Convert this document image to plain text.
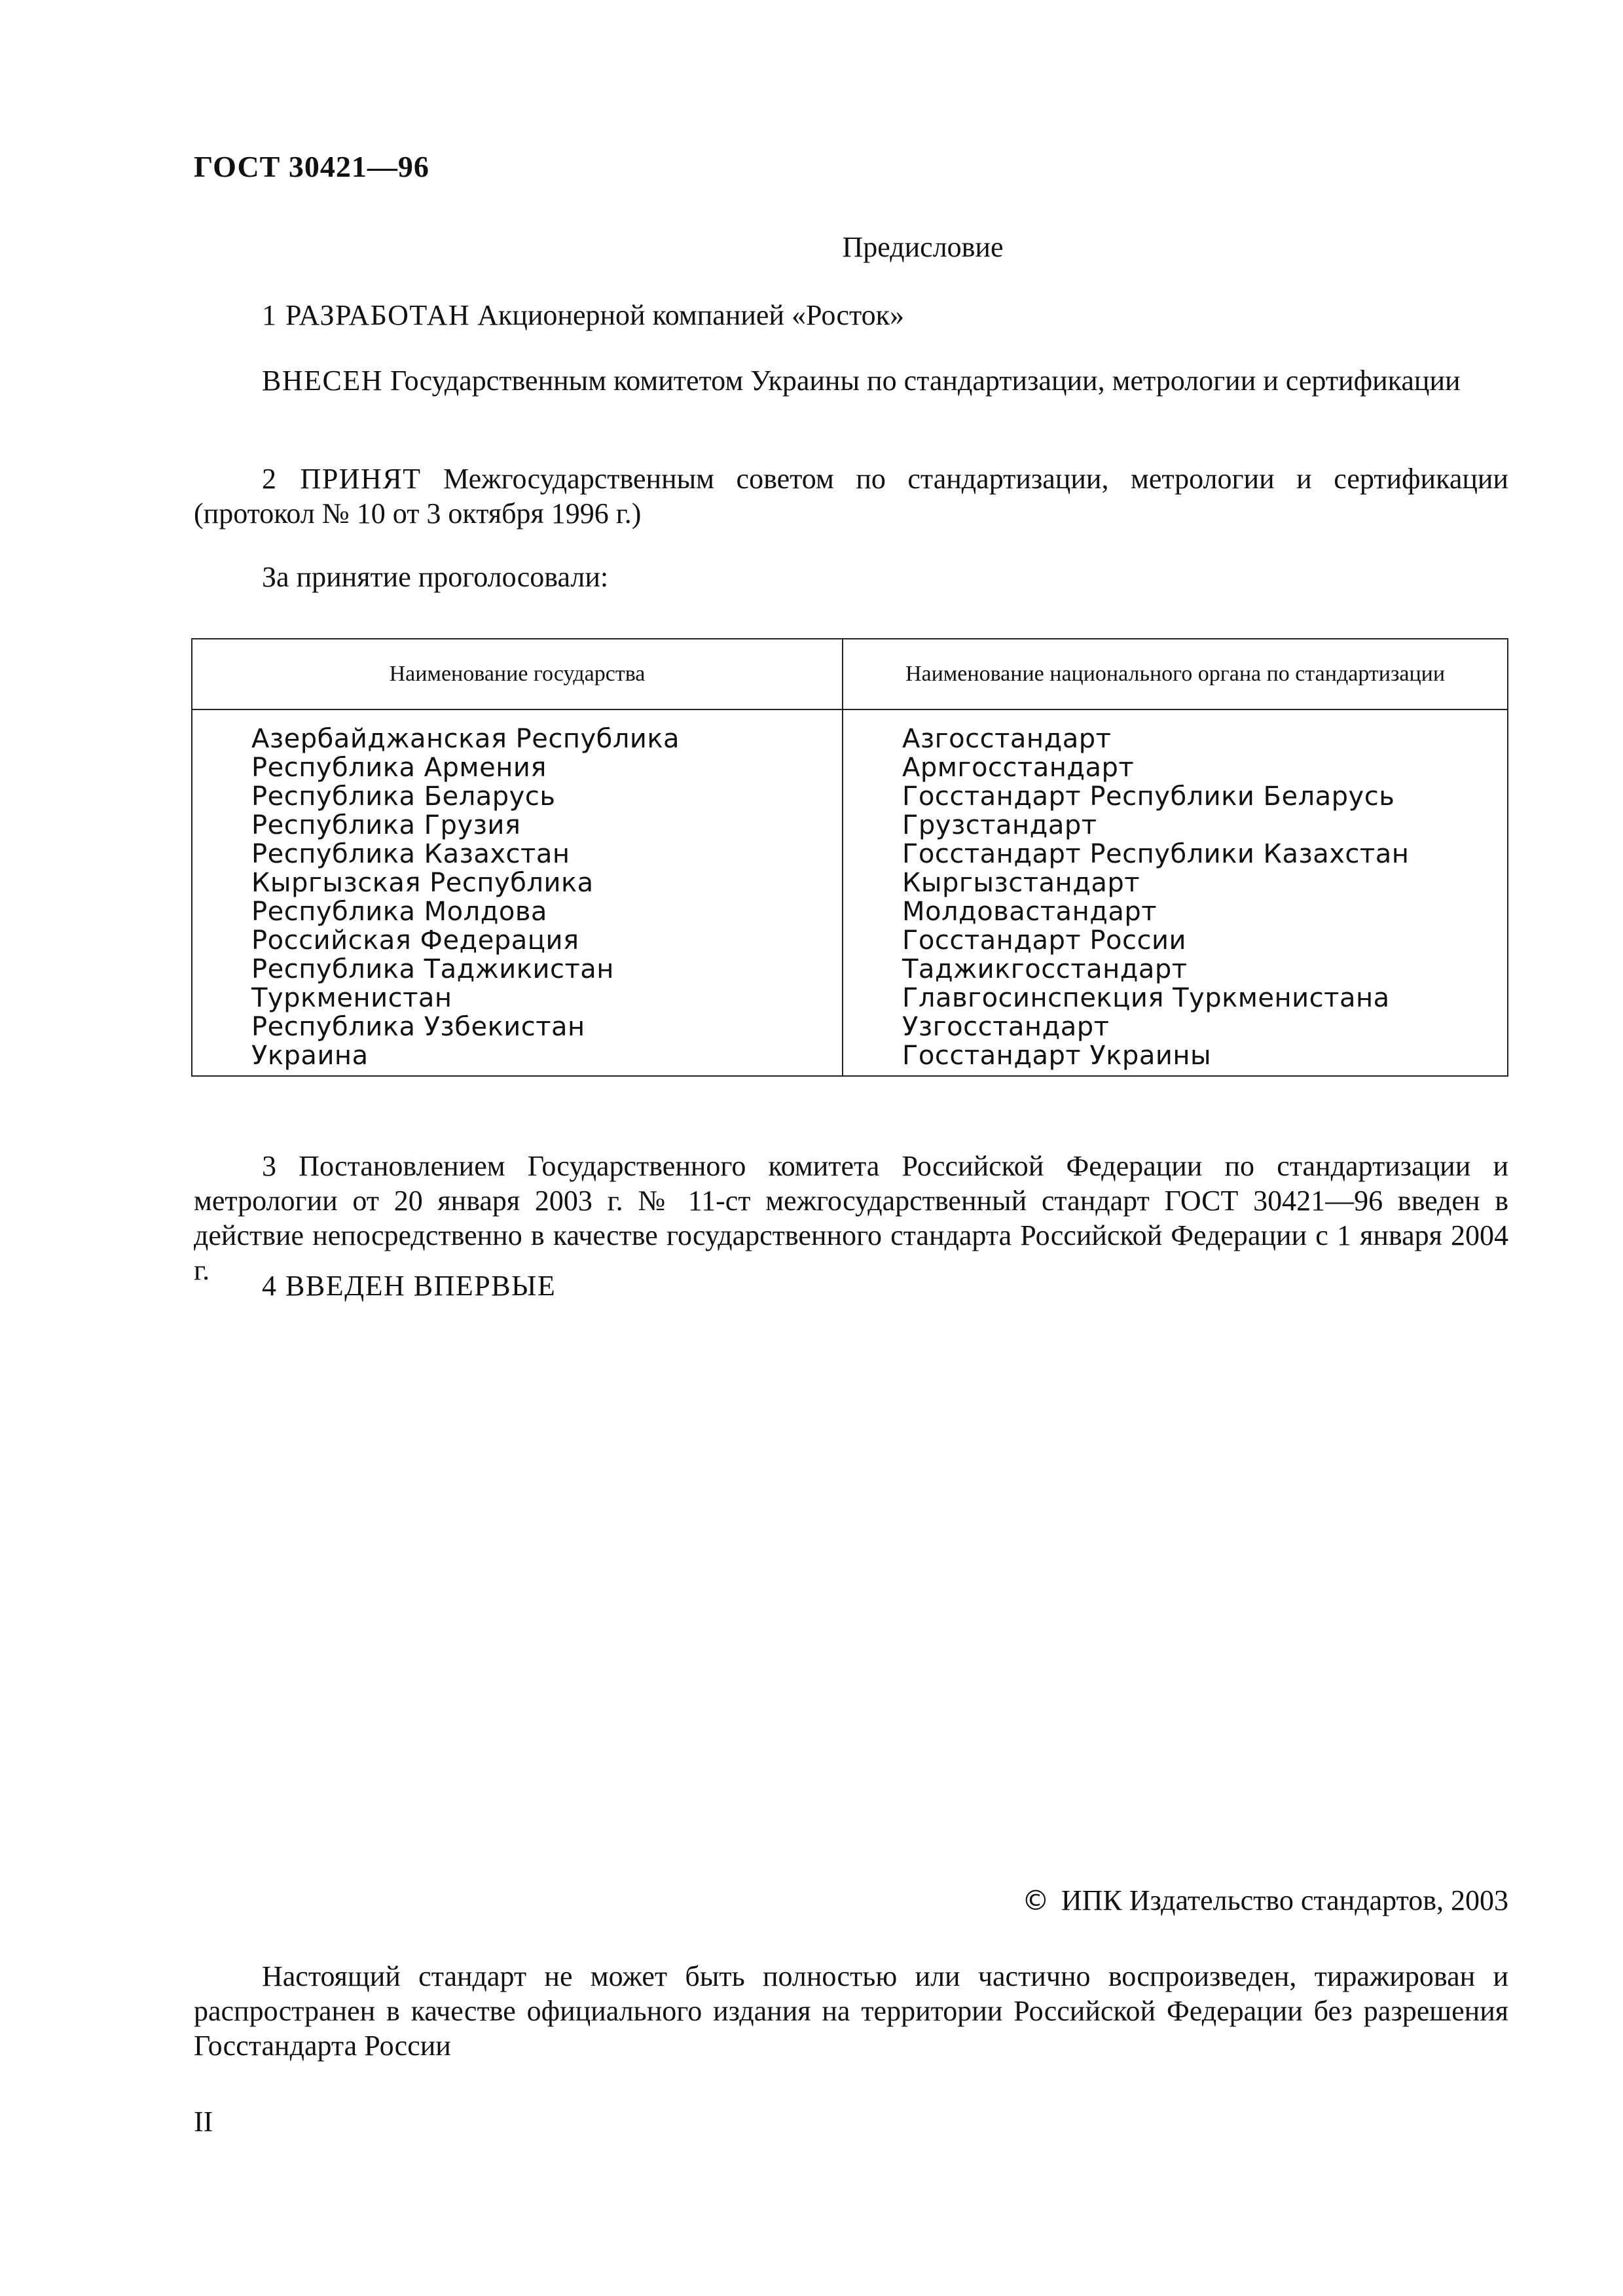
ГОСТ 30421—96
Предисловие
1 РАЗРАБОТАН Акционерной компанией «Росток»
ВНЕСЕН Государственным комитетом Украины по стандартизации, метрологии и сертификации
2 ПРИНЯТ Межгосударственным советом по стандартизации, метрологии и сертификации (протокол № 10 от 3 октября 1996 г.)
За принятие проголосовали:
Наименование государства	Наименование национального органа по стандартизации
Азербайджанская Республика
Республика Армения
Республика Беларусь
Республика Грузия
Республика Казахстан
Кыргызская Республика
Республика Молдова
Российская Федерация
Республика Таджикистан
Туркменистан
Республика Узбекистан
Украина
Азгосстандарт
Армгосстандарт
Госстандарт Республики Беларусь
Грузстандарт
Госстандарт Республики Казахстан
Кыргызстандарт
Молдовастандарт
Госстандарт России
Таджикгосстандарт
Главгосинспекция Туркменистана
Узгосстандарт
Госстандарт Украины
3 Постановлением Государственного комитета Российской Федерации по стандартизации и метрологии от 20 января 2003 г. № 11-ст межгосударственный стандарт ГОСТ 30421—96 введен в действие непосредственно в качестве государственного стандарта Российской Федерации с 1 января 2004 г.	4 ВВЕДЕН ВПЕРВЫЕ
© ИПК Издательство стандартов, 2003
Настоящий стандарт не может быть полностью или частично воспроизведен, тиражирован и распространен в качестве официального издания на территории Российской Федерации без разрешения Госстандарта России
II
